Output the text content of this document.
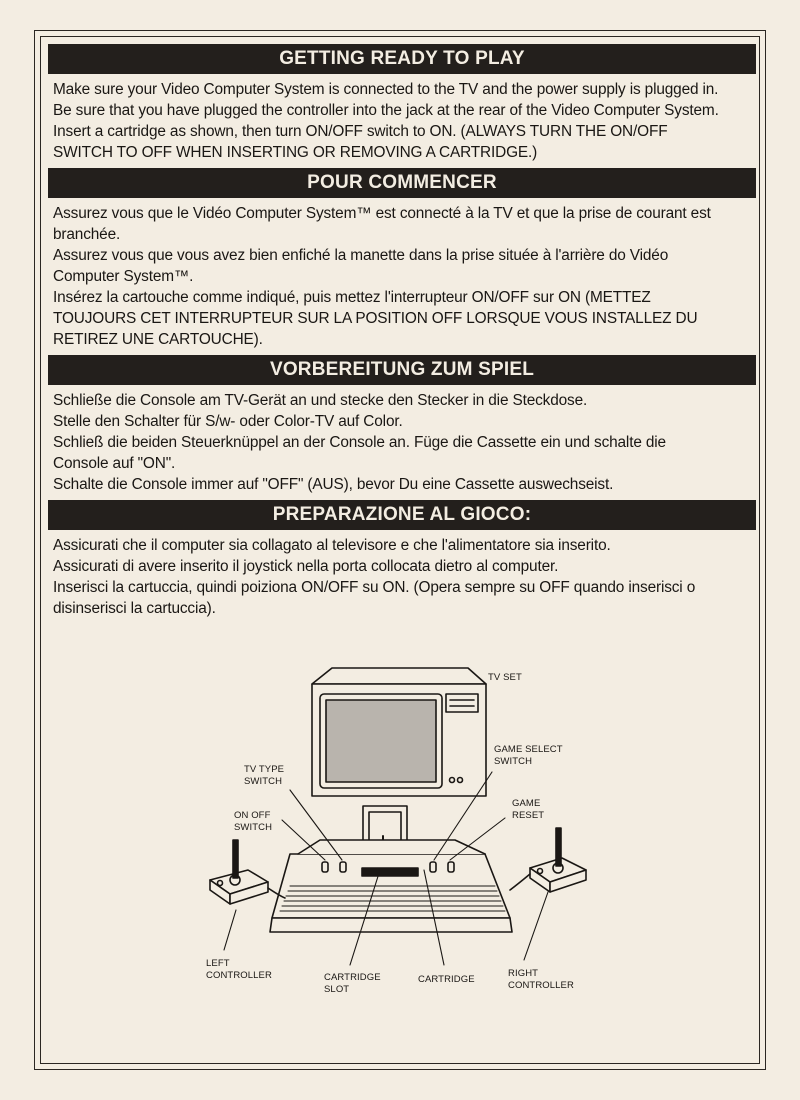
GETTING READY TO PLAY
Make sure your Video Computer System is connected to the TV and the power supply is plugged in.
Be sure that you have plugged the controller into the jack at the rear of the Video Computer System.
Insert a cartridge as shown, then turn ON/OFF switch to ON. (ALWAYS TURN THE ON/OFF
SWITCH TO OFF WHEN INSERTING OR REMOVING A CARTRIDGE.)
POUR COMMENCER
Assurez vous que le Vidéo Computer System™ est connecté à la TV et que la prise de courant est
branchée.
Assurez vous que vous avez bien enfiché la manette dans la prise située à l'arrière do Vidéo
Computer System™.
Insérez la cartouche comme indiqué, puis mettez l'interrupteur ON/OFF sur ON (METTEZ
TOUJOURS CET INTERRUPTEUR SUR LA POSITION OFF LORSQUE VOUS INSTALLEZ DU
RETIREZ UNE CARTOUCHE).
VORBEREITUNG ZUM SPIEL
Schließe die Console am TV-Gerät an und stecke den Stecker in die Steckdose.
Stelle den Schalter für S/w- oder Color-TV auf Color.
Schließ die beiden Steuerknüppel an der Console an. Füge die Cassette ein und schalte die
Console auf "ON".
Schalte die Console immer auf "OFF" (AUS), bevor Du eine Cassette auswechseist.
PREPARAZIONE AL GIOCO:
Assicurati che il computer sia collagato al televisore e che l'alimentatore sia inserito.
Assicurati di avere inserito il joystick nella porta collocata dietro al computer.
Inserisci la cartuccia, quindi poiziona ON/OFF su ON. (Opera sempre su OFF quando inserisci o
disinserisci la cartuccia).
TV SET
GAME SELECT
SWITCH
TV TYPE
SWITCH
GAME
RESET
ON OFF
SWITCH
LEFT
CONTROLLER	CARTRIDGE
SLOT
CARTRIDGE
RIGHT
CONTROLLER
